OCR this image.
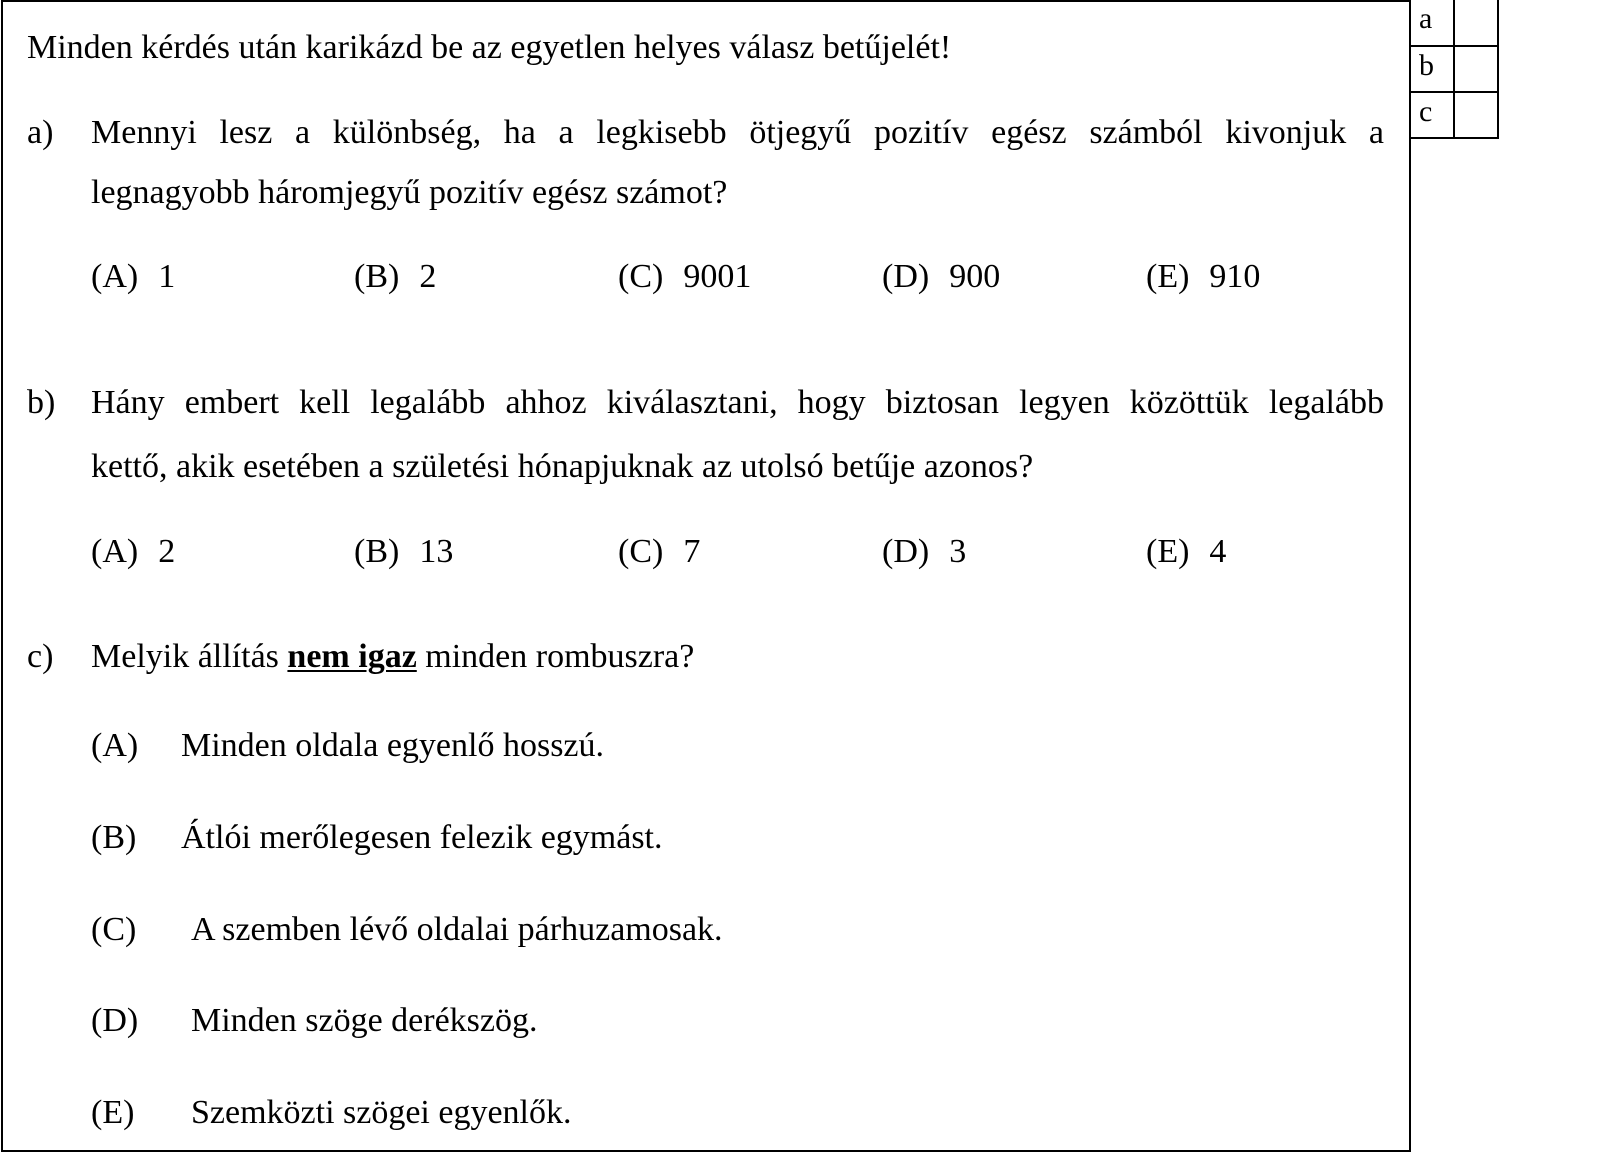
Minden kérdés után karikázd be az egyetlen helyes válasz betűjelét!
a) Mennyi lesz a különbség, ha a legkisebb ötjegyű pozitív egész számból kivonjuk a
legnagyobb háromjegyű pozitív egész számot?
(A) 1	(B) 2	(C) 9001	(D) 900	(E) 910
b) Hány embert kell legalább ahhoz kiválasztani, hogy biztosan legyen közöttük legalább
kettő, akik esetében a születési hónapjuknak az utolsó betűje azonos?
(A) 2	(B) 13	(C) 7	(D) 3	(E) 4
c) Melyik állítás nem igaz minden rombuszra?
(A) Minden oldala egyenlő hosszú.
(B) Átlói merőlegesen felezik egymást.
(C) A szemben lévő oldalai párhuzamosak.
(D) Minden szöge derékszög.
(E) Szemközti szögei egyenlők.
a	
b	
c	
